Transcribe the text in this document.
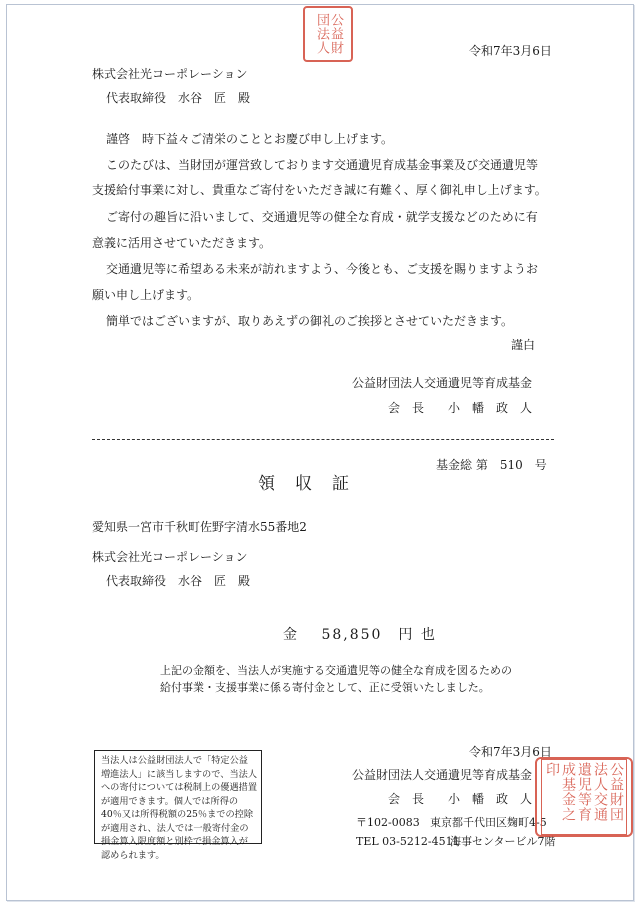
公益財団法人	令和7年3月6日
株式会社光コーポレーション
代表取締役　水谷　匠　殿
謹啓　時下益々ご清栄のこととお慶び申し上げます。
このたびは、当財団が運営致しております交通遺児育成基金事業及び交通遺児等
支援給付事業に対し、貴重なご寄付をいただき誠に有難く、厚く御礼申し上げます。
ご寄付の趣旨に沿いまして、交通遺児等の健全な育成・就学支援などのために有
意義に活用させていただきます。
交通遺児等に希望ある未来が訪れますよう、今後とも、ご支援を賜りますようお
願い申し上げます。
簡単ではございますが、取りあえずの御礼のご挨拶とさせていただきます。
謹白
公益財団法人交通遺児等育成基金
会　長　　小　幡　政　人
基金総 第　510　号
領収証
愛知県一宮市千秋町佐野字清水55番地2
株式会社光コーポレーション
代表取締役　水谷　匠　殿
金　 58,850　円 也
上記の金額を、当法人が実施する交通遺児等の健全な育成を図るための
給付事業・支援事業に係る寄付金として、正に受領いたしました。
当法人は公益財団法人で「特定公益増進法人」に該当しますので、当法人への寄付については税制上の優遇措置が適用できます。個人では所得の40％又は所得税額の25％までの控除が適用され、法人では一般寄付金の損金算入限度額と別枠で損金算入が認められます。
令和7年3月6日
公益財団法人交通遺児等育成基金
会　長　　小　幡　政　人
〒102-0083 東京都千代田区麹町4-5
TEL 03-5212-4511
海事センタービル7階
公益財団法人交通遺児等育成基金之印
